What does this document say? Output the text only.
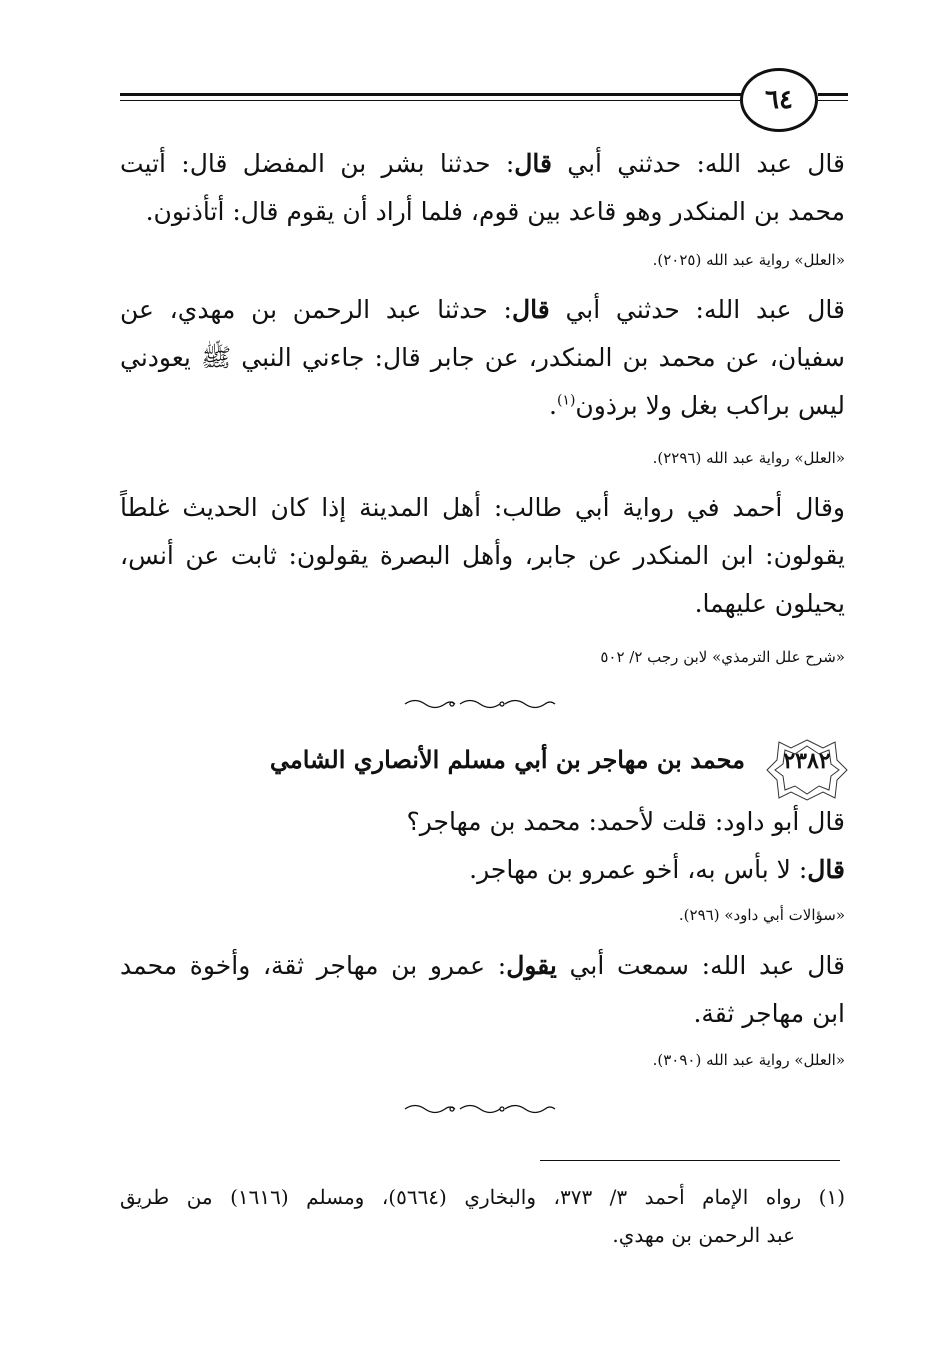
٦٤
قال عبد الله: حدثني أبي قال: حدثنا بشر بن المفضل قال: أتيت
محمد بن المنكدر وهو قاعد بين قوم، فلما أراد أن يقوم قال: أتأذنون.
«العلل» رواية عبد الله (٢٠٢٥).
قال عبد الله: حدثني أبي قال: حدثنا عبد الرحمن بن مهدي، عن
سفيان، عن محمد بن المنكدر، عن جابر قال: جاءني النبي ﷺ يعودني
ليس براكب بغل ولا برذون$^{(١)}$.
«العلل» رواية عبد الله (٢٢٩٦).
وقال أحمد في رواية أبي طالب: أهل المدينة إذا كان الحديث غلطاً
يقولون: ابن المنكدر عن جابر، وأهل البصرة يقولون: ثابت عن أنس،
يحيلون عليهما.
«شرح علل الترمذي» لابن رجب ٢/ ٥٠٢
٢٣٨٢
محمد بن مهاجر بن أبي مسلم الأنصاري الشامي
قال أبو داود: قلت لأحمد: محمد بن مهاجر؟
قال: لا بأس به، أخو عمرو بن مهاجر.
«سؤالات أبي داود» (٢٩٦).
قال عبد الله: سمعت أبي يقول: عمرو بن مهاجر ثقة، وأخوة محمد
ابن مهاجر ثقة.
«العلل» رواية عبد الله (٣٠٩٠).
(١) رواه الإمام أحمد ٣/ ٣٧٣، والبخاري (٥٦٦٤)، ومسلم (١٦١٦) من طريق
عبد الرحمن بن مهدي.
